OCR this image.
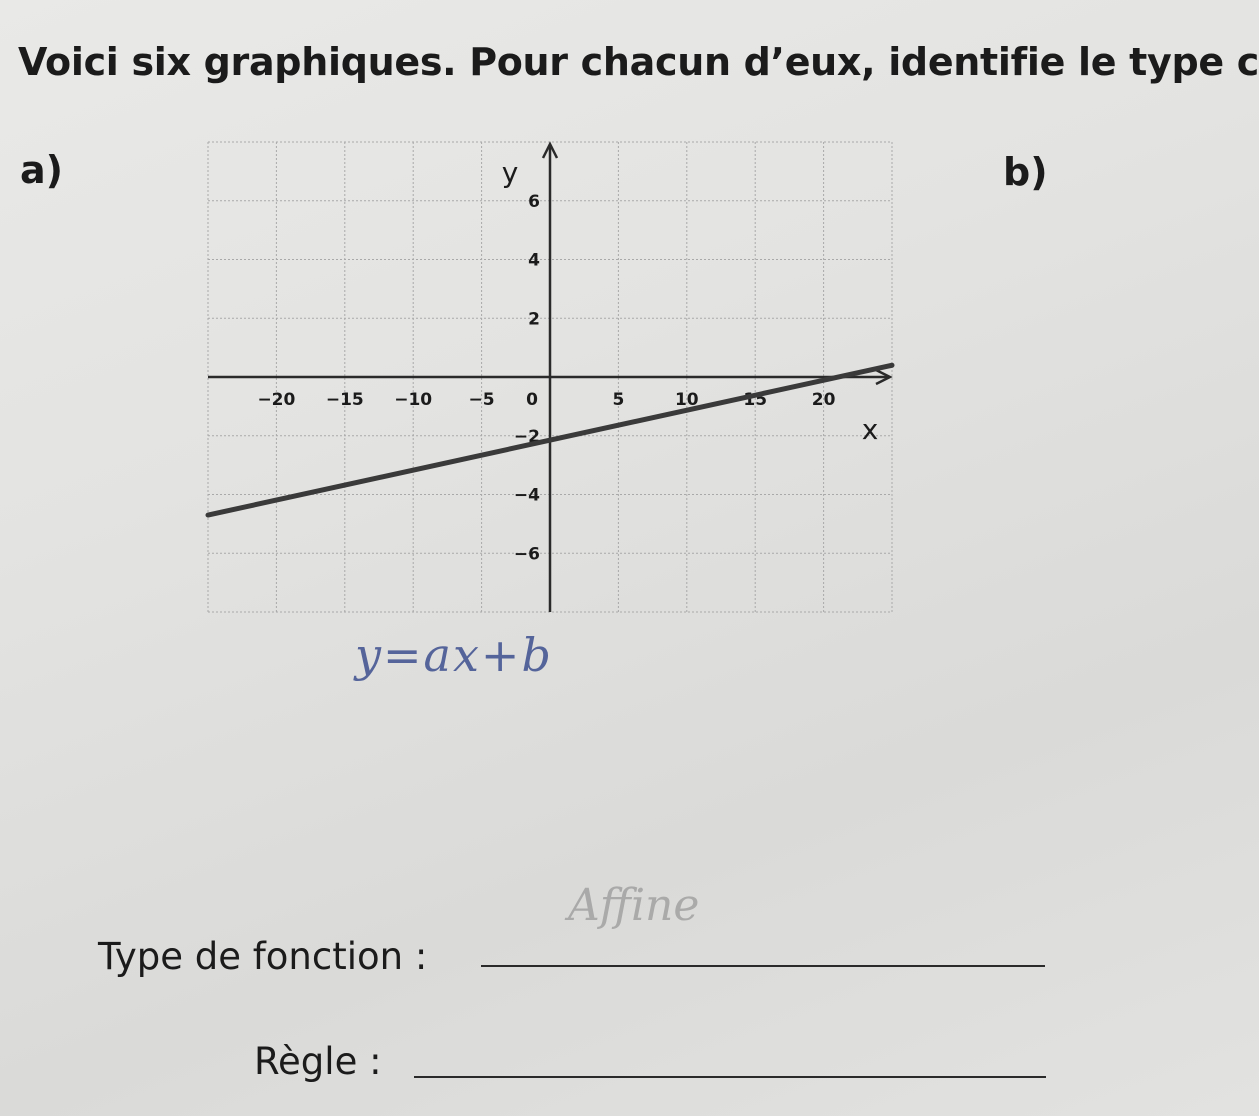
Voici six graphiques. Pour chacun d’eux, identifie le type c
a)	b)
−20 −15 −10 −5 0	5	10	15	20
6
4
2
−2
−4
−6
y
x
y=ax+b
Affine
Type de fonction :
Règle :
